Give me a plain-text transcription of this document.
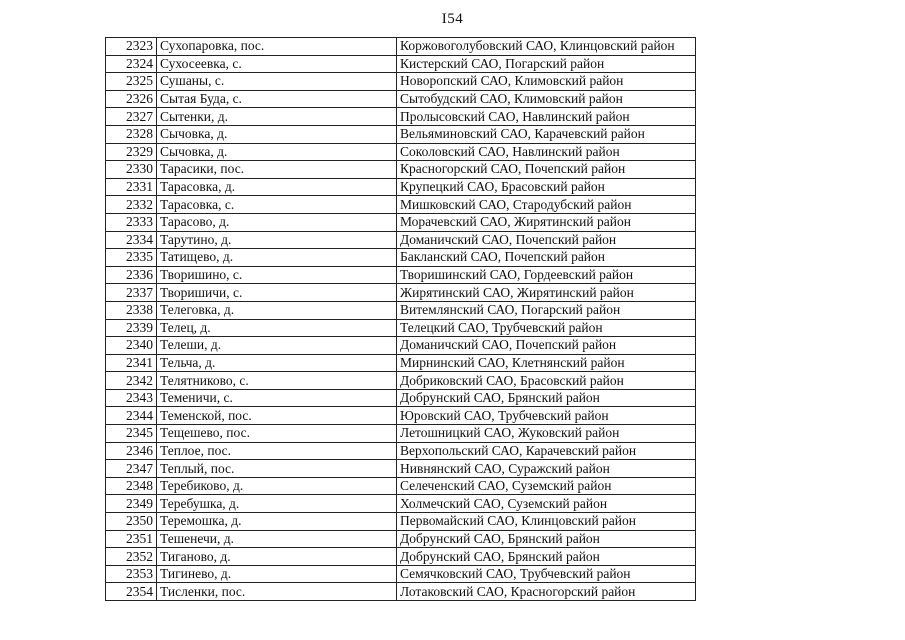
I54
2323	Сухопаровка, пос.	Коржовоголубовский САО, Клинцовский район
2324	Сухосеевка, с.	Кистерский САО, Погарский район
2325	Сушаны, с.	Новоропский САО, Климовский район
2326	Сытая Буда, с.	Сытобудский САО, Климовский район
2327	Сытенки, д.	Пролысовский САО, Навлинский район
2328	Сычовка, д.	Вельяминовский САО, Карачевский район
2329	Сычовка, д.	Соколовский САО, Навлинский район
2330	Тарасики, пос.	Красногорский САО, Почепский район
2331	Тарасовка, д.	Крупецкий САО, Брасовский район
2332	Тарасовка, с.	Мишковский САО, Стародубский район
2333	Тарасово, д.	Морачевский САО, Жирятинский район
2334	Тарутино, д.	Доманичский САО, Почепский район
2335	Татищево, д.	Бакланский САО, Почепский район
2336	Творишино, с.	Творишинский САО, Гордеевский район
2337	Творишичи, с.	Жирятинский САО, Жирятинский район
2338	Телеговка, д.	Витемлянский САО, Погарский район
2339	Телец, д.	Телецкий САО, Трубчевский район
2340	Телеши, д.	Доманичский САО, Почепский район
2341	Тельча, д.	Мирнинский САО, Клетнянский район
2342	Телятниково, с.	Добриковский САО, Брасовский район
2343	Теменичи, с.	Добрунский САО, Брянский район
2344	Теменской, пос.	Юровский САО, Трубчевский район
2345	Тещешево, пос.	Летошницкий САО, Жуковский район
2346	Теплое, пос.	Верхопольский САО, Карачевский район
2347	Теплый, пос.	Нивнянский САО, Суражский район
2348	Теребиково, д.	Селеченский САО, Суземский район
2349	Теребушка, д.	Холмечский САО, Суземский район
2350	Теремошка, д.	Первомайский САО, Клинцовский район
2351	Тешенечи, д.	Добрунский САО, Брянский район
2352	Тиганово, д.	Добрунский САО, Брянский район
2353	Тигинево, д.	Семячковский САО, Трубчевский район
2354	Тисленки, пос.	Лотаковский САО, Красногорский район
